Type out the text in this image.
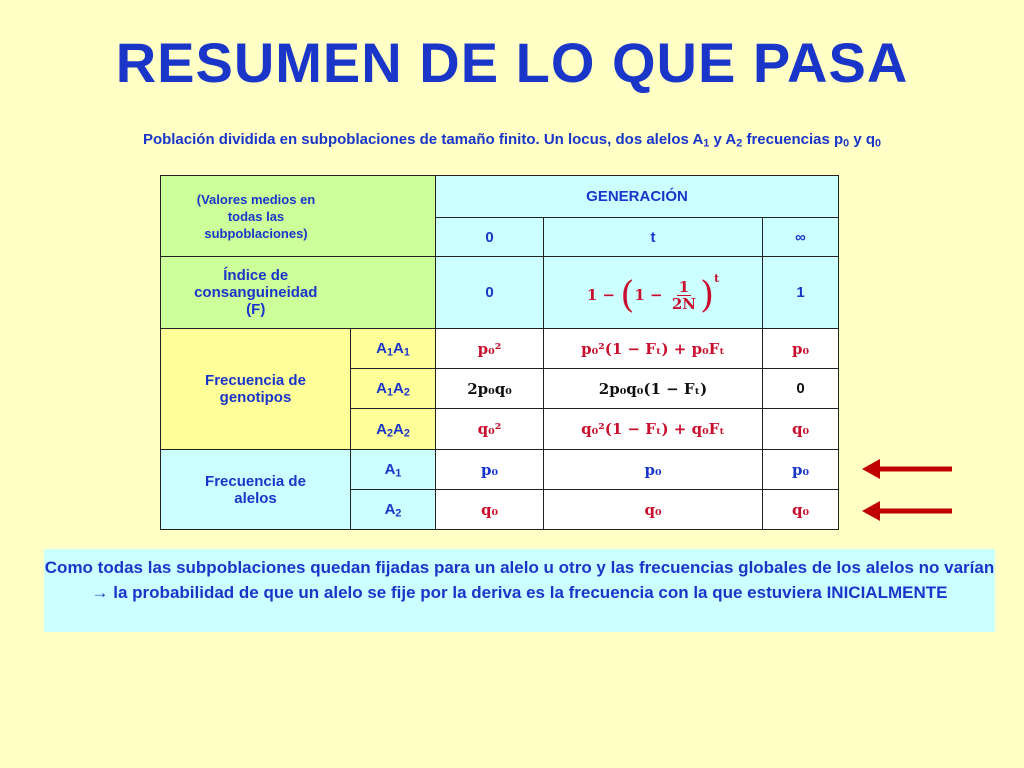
RESUMEN DE LO QUE PASA
Población dividida en subpoblaciones de tamaño finito. Un locus, dos alelos $A_1$ y $A_2$ frecuencias $p_0$ y $q_0$
(Valores medios en todas las subpoblaciones)		GENERACIÓN		
		0	t	∞

Índice de consanguineidad (F)		0	$1 - (1 - \frac{1}{2N} )^t$	1

Frecuencia de genotipos	$A_1A_1$	p₀²	p₀²(1 − Fₜ) + p₀Fₜ	p₀
	$A_1A_2$	2p₀q₀	2p₀q₀(1 − Fₜ)	0
	$A_2A_2$	q₀²	q₀²(1 − Fₜ) + q₀Fₜ	q₀

Frecuencia de alelos	$A_1$	p₀	p₀	p₀
	$A_2$	q₀	q₀	q₀
Como todas las subpoblaciones quedan fijadas para un alelo u otro y las frecuencias globales de los alelos no varían → la probabilidad de que un alelo se fije por la deriva es la frecuencia con la que estuviera INICIALMENTE
